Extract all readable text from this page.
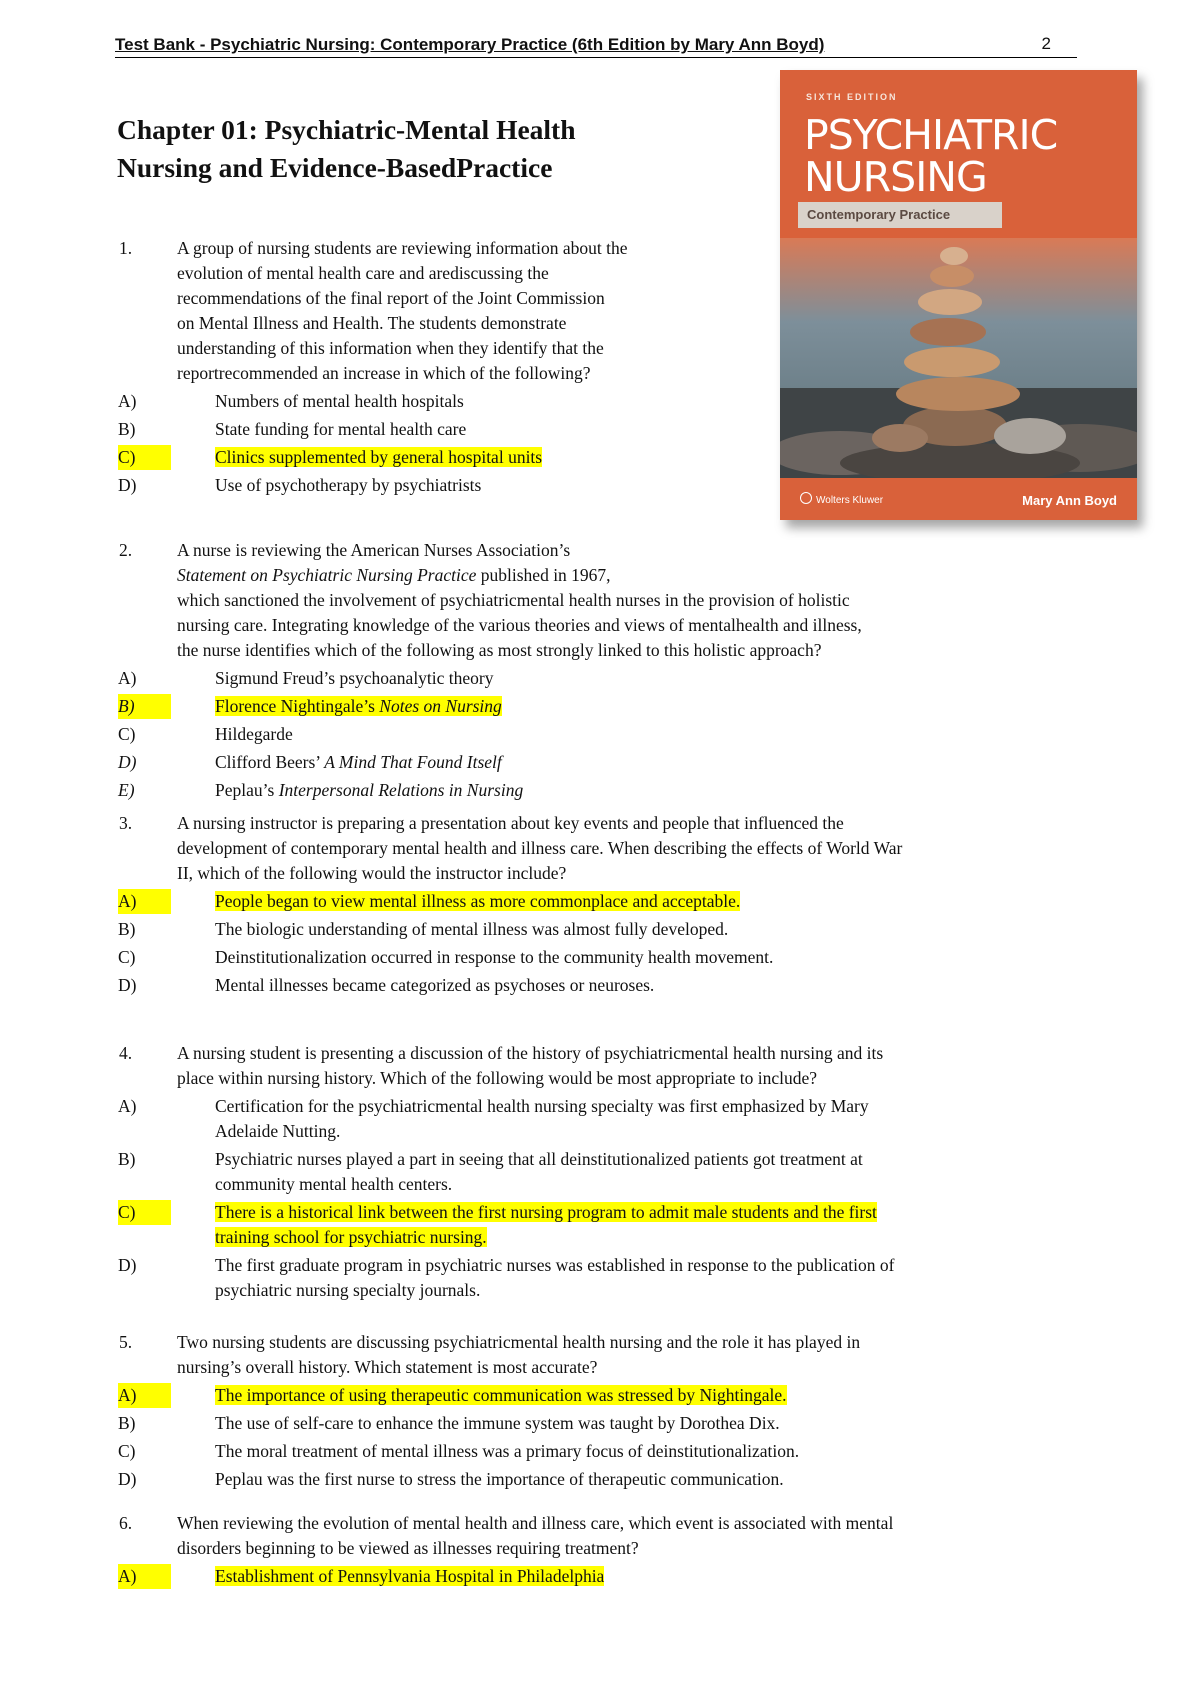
Test Bank - Psychiatric Nursing: Contemporary Practice (6th Edition by Mary Ann Boyd)	2
Chapter 01: Psychiatric-Mental Health
Nursing and Evidence-BasedPractice
SIXTH EDITION
PSYCHIATRIC
NURSING
Contemporary Practice
Wolters Kluwer	Mary Ann Boyd
1.	A group of nursing students are reviewing information about the
evolution of mental health care and arediscussing the
recommendations of the final report of the Joint Commission
on Mental Illness and Health. The students demonstrate
understanding of this information when they identify that the
reportrecommended an increase in which of the following?
A)	Numbers of mental health hospitals
B)	State funding for mental health care
C)	Clinics supplemented by general hospital units
D)	Use of psychotherapy by psychiatrists
2.	A nurse is reviewing the American Nurses Association’s
Statement on Psychiatric Nursing Practice published in 1967,
which sanctioned the involvement of psychiatricmental health nurses in the provision of holistic
nursing care. Integrating knowledge of the various theories and views of mentalhealth and illness,
the nurse identifies which of the following as most strongly linked to this holistic approach?
A)	Sigmund Freud’s psychoanalytic theory
B)	Florence Nightingale’s Notes on Nursing
C)	Hildegarde
D)	Clifford Beers’ A Mind That Found Itself
E)	Peplau’s Interpersonal Relations in Nursing
3.	A nursing instructor is preparing a presentation about key events and people that influenced the
development of contemporary mental health and illness care. When describing the effects of World War
II, which of the following would the instructor include?
A)	People began to view mental illness as more commonplace and acceptable.
B)	The biologic understanding of mental illness was almost fully developed.
C)	Deinstitutionalization occurred in response to the community health movement.
D)	Mental illnesses became categorized as psychoses or neuroses.
4.	A nursing student is presenting a discussion of the history of psychiatricmental health nursing and its
place within nursing history. Which of the following would be most appropriate to include?
A)	Certification for the psychiatricmental health nursing specialty was first emphasized by Mary
Adelaide Nutting.
B)	Psychiatric nurses played a part in seeing that all deinstitutionalized patients got treatment at
community mental health centers.
C)	There is a historical link between the first nursing program to admit male students and the first
training school for psychiatric nursing.
D)	The first graduate program in psychiatric nurses was established in response to the publication of
psychiatric nursing specialty journals.
5.	Two nursing students are discussing psychiatricmental health nursing and the role it has played in
nursing’s overall history. Which statement is most accurate?
A)	The importance of using therapeutic communication was stressed by Nightingale.
B)	The use of self-care to enhance the immune system was taught by Dorothea Dix.
C)	The moral treatment of mental illness was a primary focus of deinstitutionalization.
D)	Peplau was the first nurse to stress the importance of therapeutic communication.
6.	When reviewing the evolution of mental health and illness care, which event is associated with mental
disorders beginning to be viewed as illnesses requiring treatment?
A)	Establishment of Pennsylvania Hospital in Philadelphia
